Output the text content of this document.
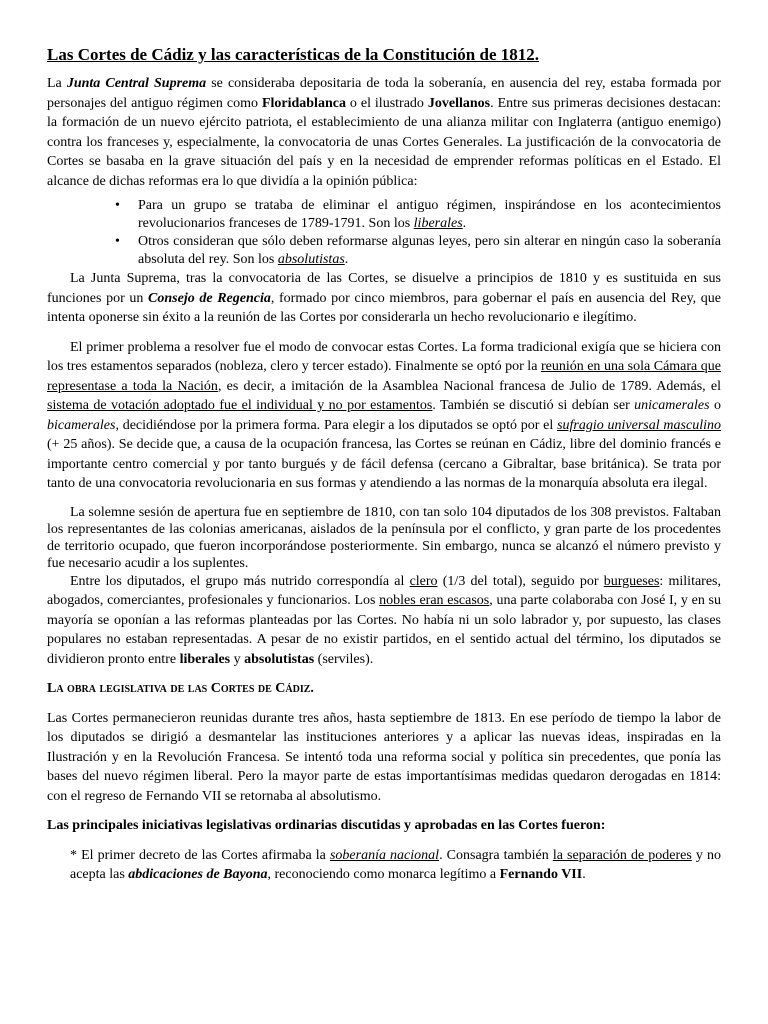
Las Cortes de Cádiz y las características de la Constitución de 1812.

La Junta Central Suprema se consideraba depositaria de toda la soberanía, en ausencia del rey, estaba formada por personajes del antiguo régimen como Floridablanca o el ilustrado Jovellanos. Entre sus primeras decisiones destacan: la formación de un nuevo ejército patriota, el establecimiento de una alianza militar con Inglaterra (antiguo enemigo) contra los franceses y, especialmente, la convocatoria de unas Cortes Generales. La justificación de la convocatoria de Cortes se basaba en la grave situación del país y en la necesidad de emprender reformas políticas en el Estado. El alcance de dichas reformas era lo que dividía a la opinión pública:

• Para un grupo se trataba de eliminar el antiguo régimen, inspirándose en los acontecimientos revolucionarios franceses de 1789-1791. Son los liberales.
• Otros consideran que sólo deben reformarse algunas leyes, pero sin alterar en ningún caso la soberanía absoluta del rey. Son los absolutistas.

La Junta Suprema, tras la convocatoria de las Cortes, se disuelve a principios de 1810 y es sustituida en sus funciones por un Consejo de Regencia, formado por cinco miembros, para gobernar el país en ausencia del Rey, que intenta oponerse sin éxito a la reunión de las Cortes por considerarla un hecho revolucionario e ilegítimo.

El primer problema a resolver fue el modo de convocar estas Cortes. La forma tradicional exigía que se hiciera con los tres estamentos separados (nobleza, clero y tercer estado). Finalmente se optó por la reunión en una sola Cámara que representase a toda la Nación, es decir, a imitación de la Asamblea Nacional francesa de Julio de 1789. Además, el sistema de votación adoptado fue el individual y no por estamentos. También se discutió si debían ser unicamerales o bicamerales, decidiéndose por la primera forma. Para elegir a los diputados se optó por el sufragio universal masculino (+ 25 años). Se decide que, a causa de la ocupación francesa, las Cortes se reúnan en Cádiz, libre del dominio francés e importante centro comercial y por tanto burgués y de fácil defensa (cercano a Gibraltar, base británica). Se trata por tanto de una convocatoria revolucionaria en sus formas y atendiendo a las normas de la monarquía absoluta era ilegal.

La solemne sesión de apertura fue en septiembre de 1810, con tan solo 104 diputados de los 308 previstos. Faltaban los representantes de las colonias americanas, aislados de la península por el conflicto, y gran parte de los procedentes de territorio ocupado, que fueron incorporándose posteriormente. Sin embargo, nunca se alcanzó el número previsto y fue necesario acudir a los suplentes.

Entre los diputados, el grupo más nutrido correspondía al clero (1/3 del total), seguido por burgueses: militares, abogados, comerciantes, profesionales y funcionarios. Los nobles eran escasos, una parte colaboraba con José I, y en su mayoría se oponían a las reformas planteadas por las Cortes. No había ni un solo labrador y, por supuesto, las clases populares no estaban representadas. A pesar de no existir partidos, en el sentido actual del término, los diputados se dividieron pronto entre liberales y absolutistas (serviles).

La obra legislativa de las Cortes de Cádiz.

Las Cortes permanecieron reunidas durante tres años, hasta septiembre de 1813. En ese período de tiempo la labor de los diputados se dirigió a desmantelar las instituciones anteriores y a aplicar las nuevas ideas, inspiradas en la Ilustración y en la Revolución Francesa. Se intentó toda una reforma social y política sin precedentes, que ponía las bases del nuevo régimen liberal. Pero la mayor parte de estas importantísimas medidas quedaron derogadas en 1814: con el regreso de Fernando VII se retornaba al absolutismo.

Las principales iniciativas legislativas ordinarias discutidas y aprobadas en las Cortes fueron:

* El primer decreto de las Cortes afirmaba la soberanía nacional. Consagra también la separación de poderes y no acepta las abdicaciones de Bayona, reconociendo como monarca legítimo a Fernando VII.
